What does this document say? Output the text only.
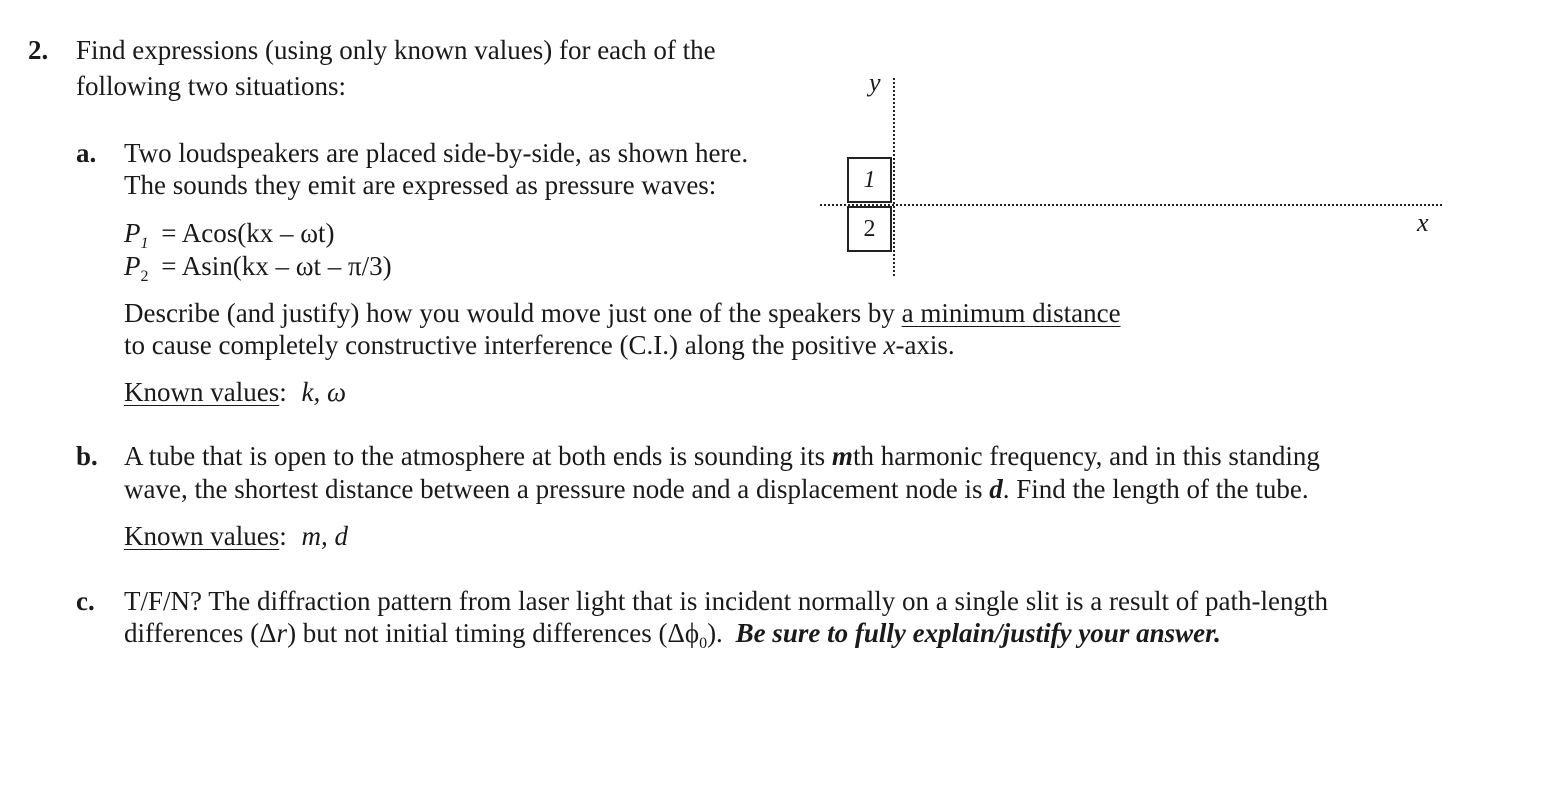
2. Find expressions (using only known values) for each of the
following two situations:	y
x
1
2
a. Two loudspeakers are placed side-by-side, as shown here.
The sounds they emit are expressed as pressure waves:
$P_1 = Acos(kx - \omega t)$
$P_2 = Asin(kx - \omega t - \pi/3)$
Describe (and justify) how you would move just one of the speakers by a minimum distance
to cause completely constructive interference (C.I.) along the positive x-axis.
Known values: k, ω
b. A tube that is open to the atmosphere at both ends is sounding its mth harmonic frequency, and in this standing
wave, the shortest distance between a pressure node and a displacement node is d. Find the length of the tube.
Known values: m, d
c. T/F/N? The diffraction pattern from laser light that is incident normally on a single slit is a result of path-length
differences (Δr) but not initial timing differences $(\Delta\phi_0)$. Be sure to fully explain/justify your answer.
